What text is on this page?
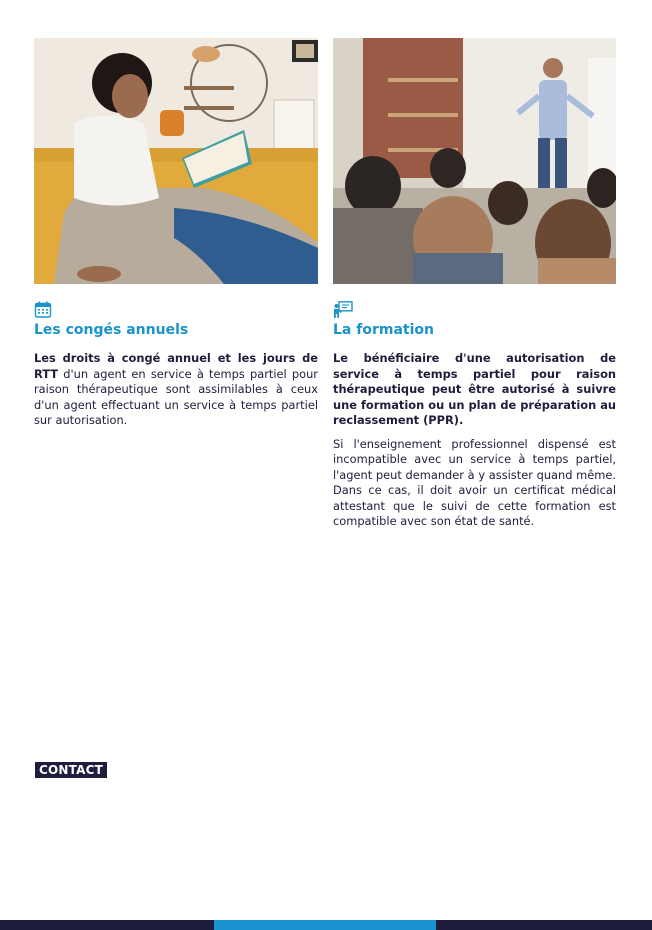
Les congés annuels

Les droits à congé annuel et les jours de RTT d'un agent en service à temps partiel pour raison thérapeutique sont assimilables à ceux d'un agent effectuant un service à temps partiel sur autorisation.

La formation

Le bénéficiaire d'une autorisation de service à temps partiel pour raison thérapeutique peut être autorisé à suivre une formation ou un plan de préparation au reclassement (PPR).

Si l'enseignement professionnel dispensé est incompatible avec un service à temps partiel, l'agent peut demander à y assister quand même. Dans ce cas, il doit avoir un certificat médical attestant que le suivi de cette formation est compatible avec son état de santé.

CONTACT
